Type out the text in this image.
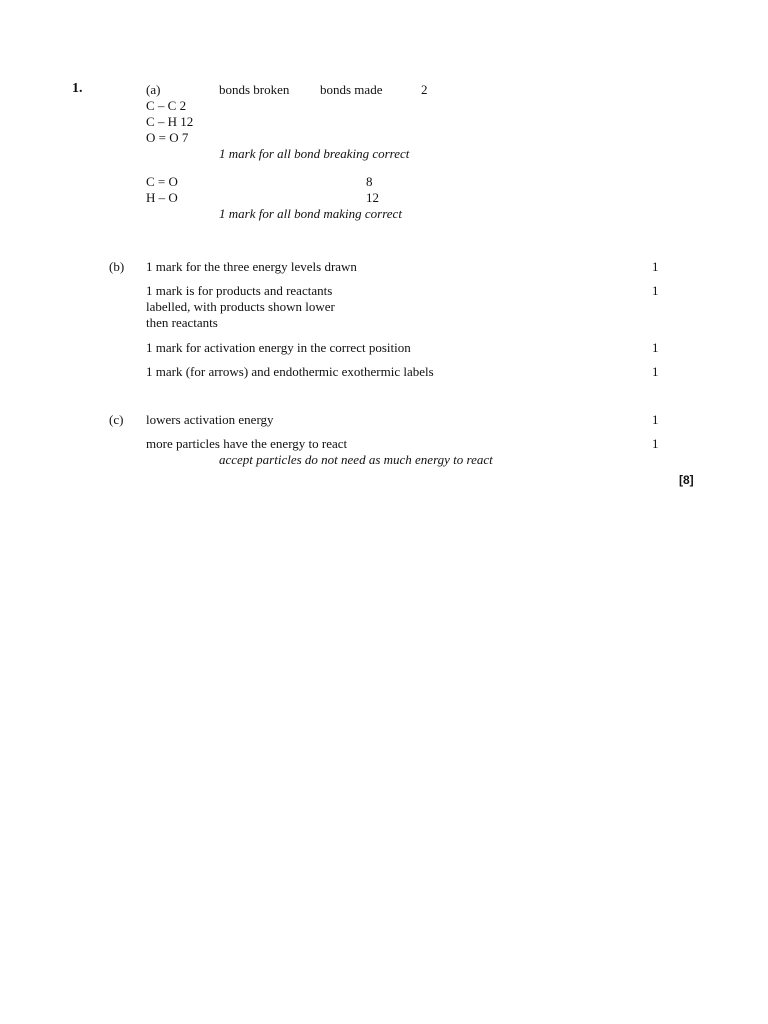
1.	(a)	bonds broken bonds made	2
C – C 2
C – H 12
O = O 7
1 mark for all bond breaking correct
C = O	8
H – O	12
1 mark for all bond making correct
(b) 1 mark for the three energy levels drawn	1
1 mark is for products and reactants
labelled, with products shown lower
then reactants
1
1 mark for activation energy in the correct position	1
1 mark (for arrows) and endothermic exothermic labels	1
(c) lowers activation energy	1
more particles have the energy to react	1
accept particles do not need as much energy to react
[8]
